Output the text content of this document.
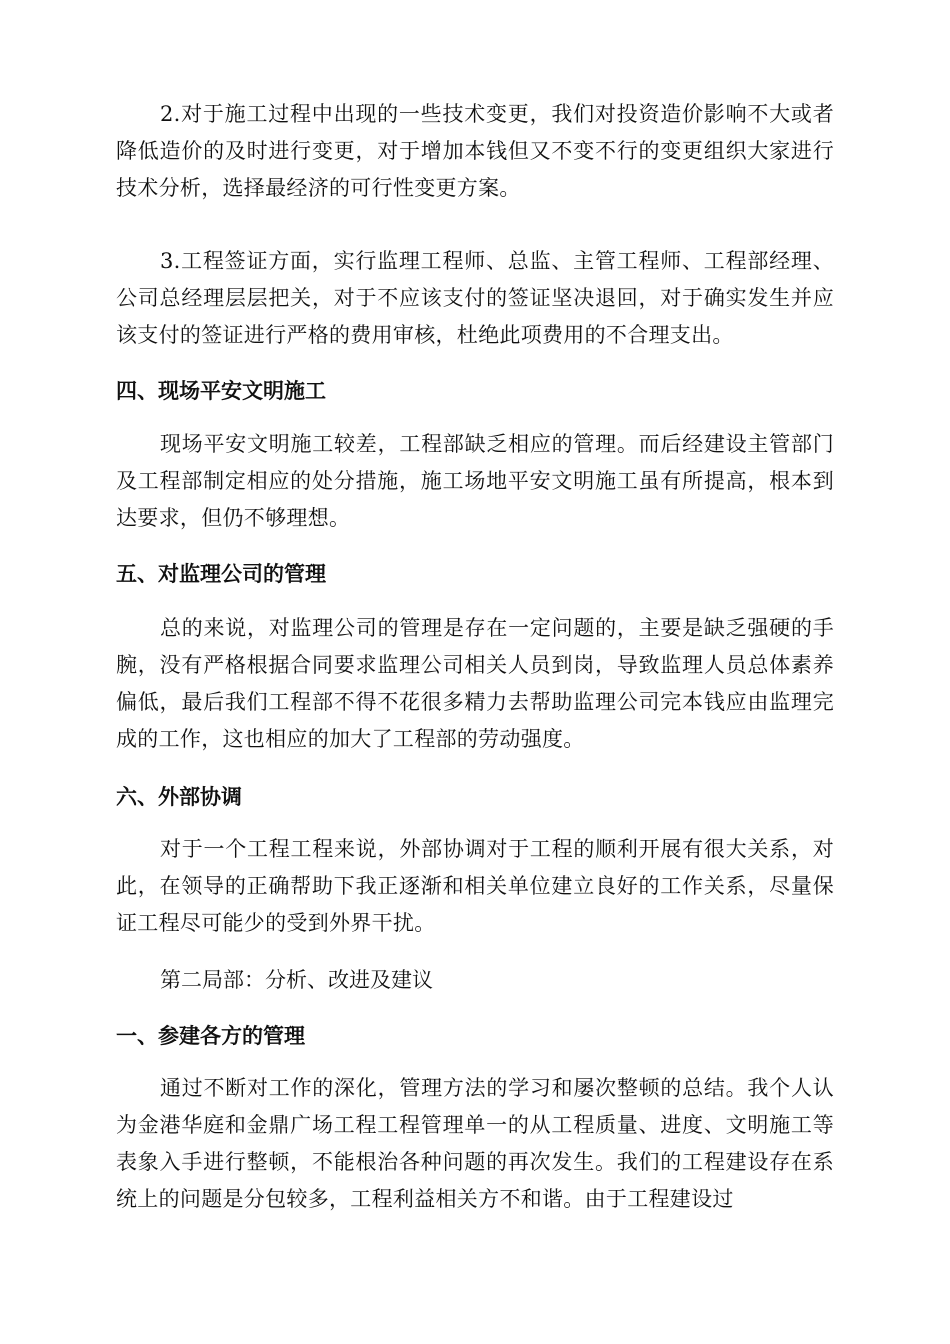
2.对于施工过程中出现的一些技术变更，我们对投资造价影响不大或者降低造价的及时进行变更，对于增加本钱但又不变不行的变更组织大家进行技术分析，选择最经济的可行性变更方案。

3.工程签证方面，实行监理工程师、总监、主管工程师、工程部经理、公司总经理层层把关，对于不应该支付的签证坚决退回，对于确实发生并应该支付的签证进行严格的费用审核，杜绝此项费用的不合理支出。

四、现场平安文明施工

现场平安文明施工较差，工程部缺乏相应的管理。而后经建设主管部门及工程部制定相应的处分措施，施工场地平安文明施工虽有所提高，根本到达要求，但仍不够理想。

五、对监理公司的管理

总的来说，对监理公司的管理是存在一定问题的，主要是缺乏强硬的手腕，没有严格根据合同要求监理公司相关人员到岗，导致监理人员总体素养偏低，最后我们工程部不得不花很多精力去帮助监理公司完本钱应由监理完成的工作，这也相应的加大了工程部的劳动强度。

六、外部协调

对于一个工程工程来说，外部协调对于工程的顺利开展有很大关系，对此，在领导的正确帮助下我正逐渐和相关单位建立良好的工作关系，尽量保证工程尽可能少的受到外界干扰。

第二局部：分析、改进及建议
一、参建各方的管理

通过不断对工作的深化，管理方法的学习和屡次整顿的总结。我个人认为金港华庭和金鼎广场工程工程管理单一的从工程质量、进度、文明施工等表象入手进行整顿，不能根治各种问题的再次发生。我们的工程建设存在系统上的问题是分包较多，工程利益相关方不和谐。由于工程建设过
